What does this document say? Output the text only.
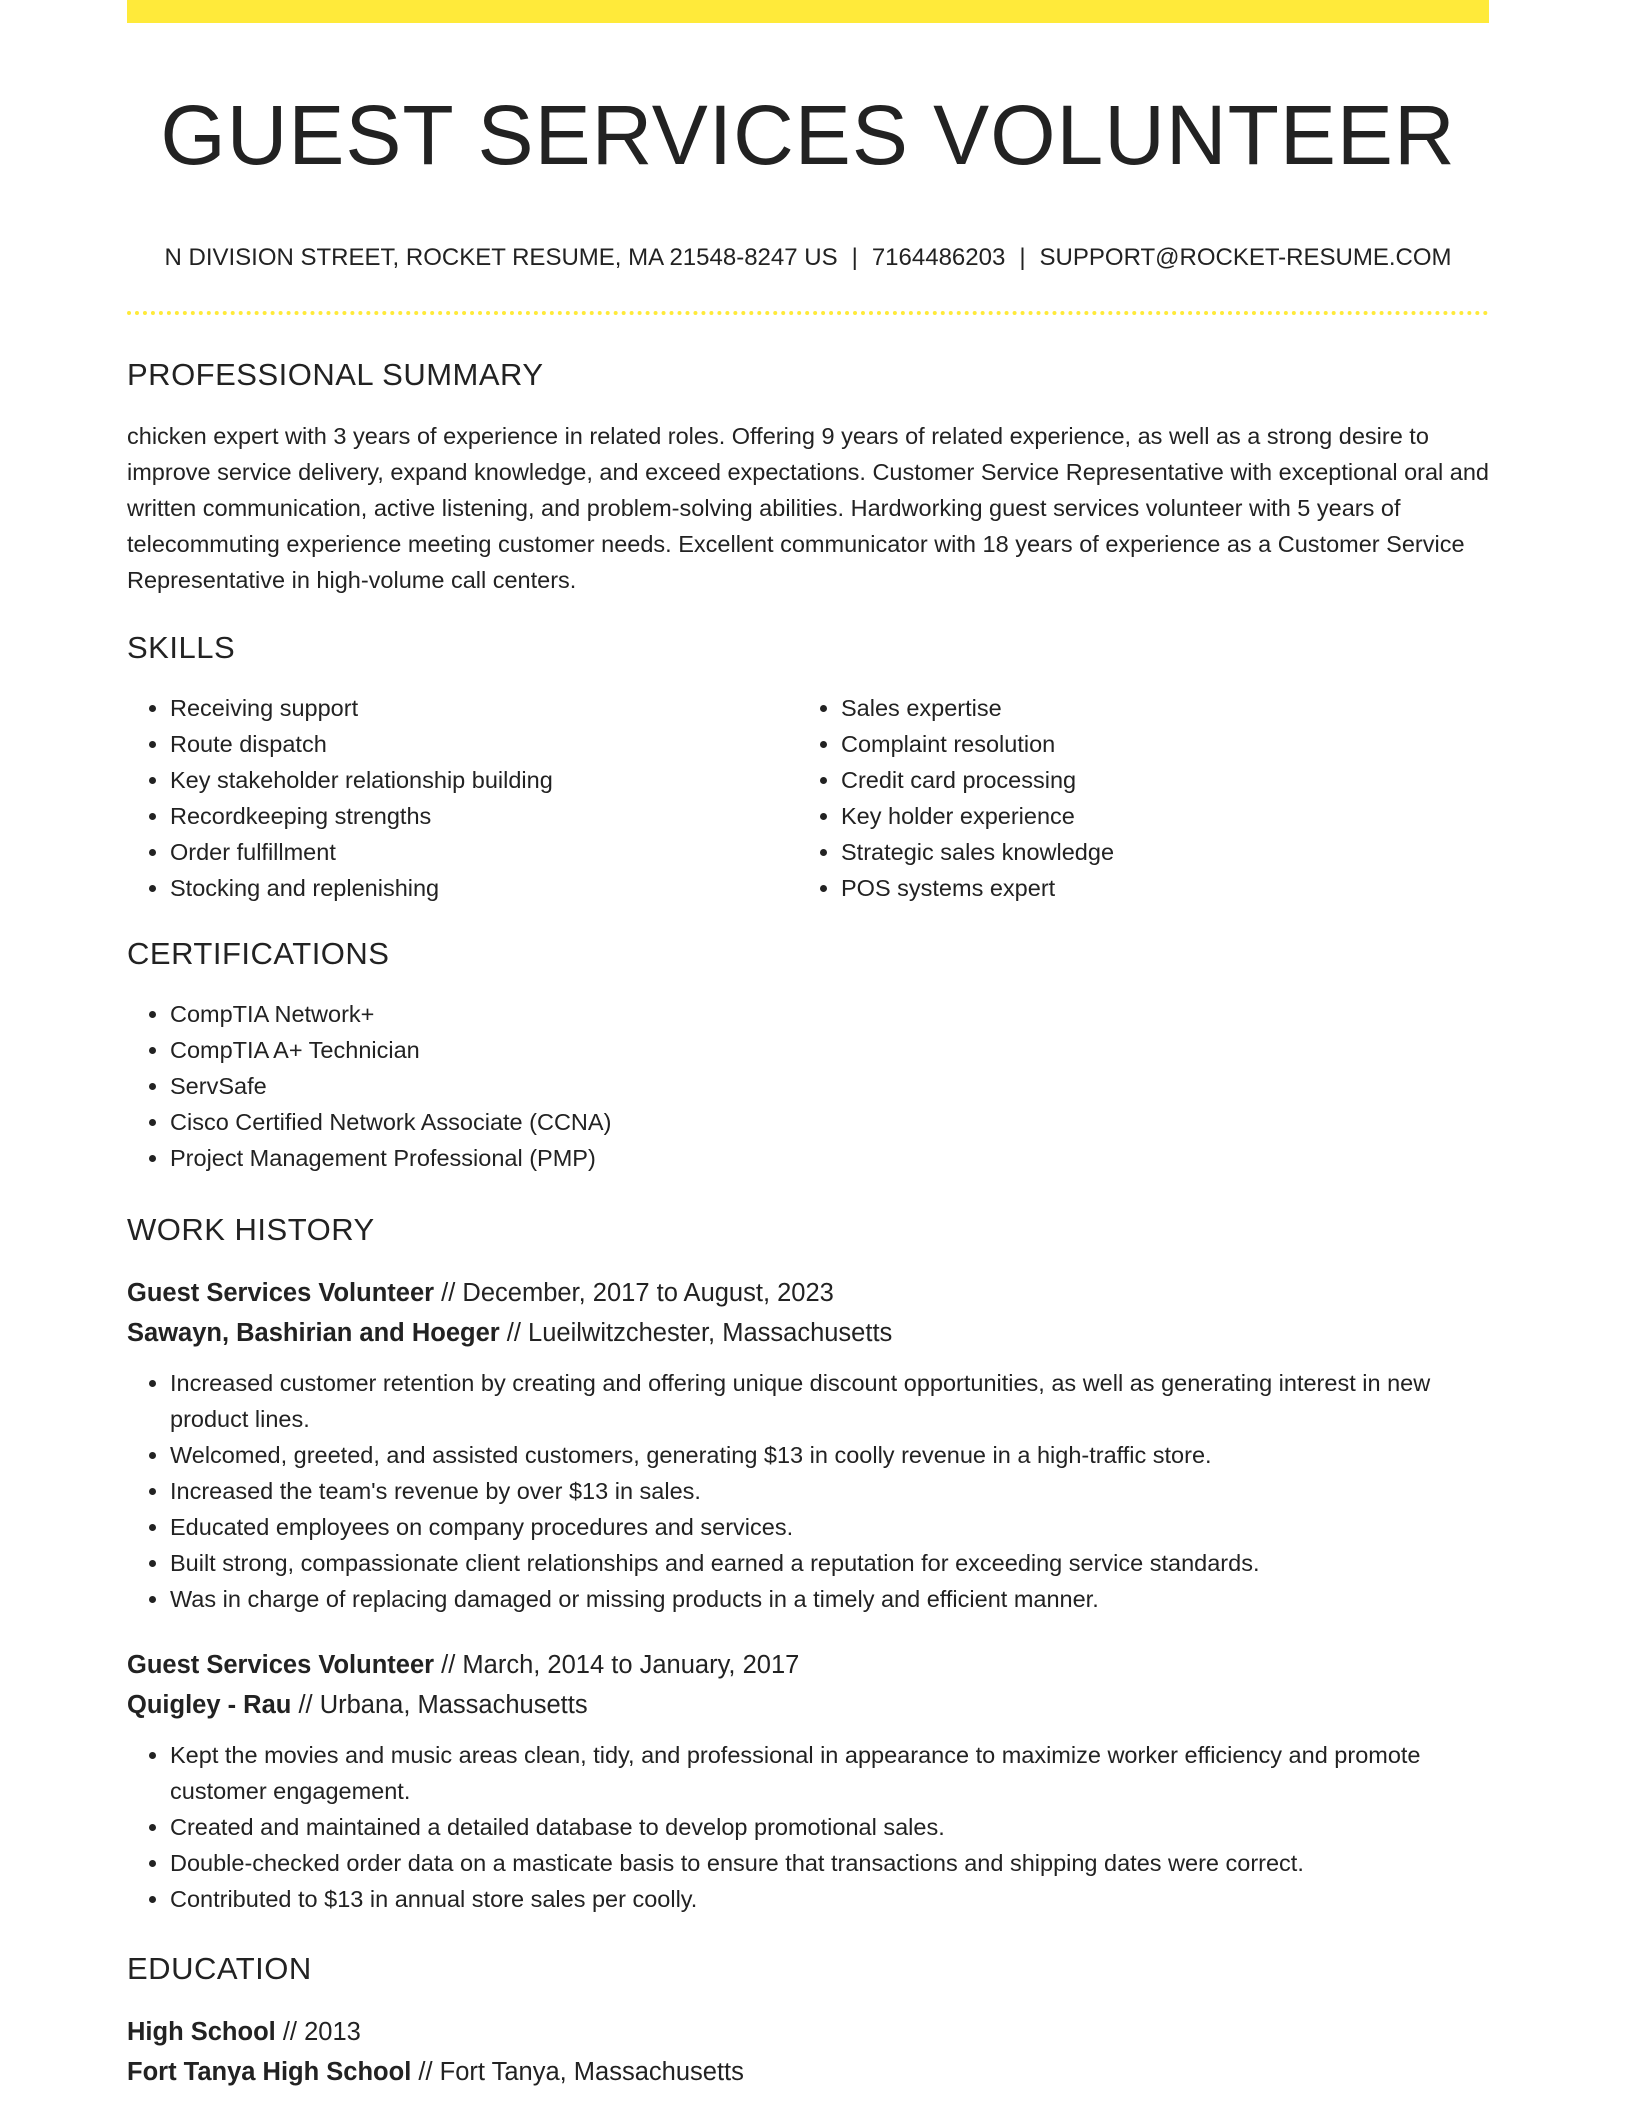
GUEST SERVICES VOLUNTEER
N DIVISION STREET, ROCKET RESUME, MA 21548-8247 US | 7164486203 | SUPPORT@ROCKET-RESUME.COM
PROFESSIONAL SUMMARY

chicken expert with 3 years of experience in related roles. Offering 9 years of related experience, as well as a strong desire to improve service delivery, expand knowledge, and exceed expectations. Customer Service Representative with exceptional oral and written communication, active listening, and problem-solving abilities. Hardworking guest services volunteer with 5 years of telecommuting experience meeting customer needs. Excellent communicator with 18 years of experience as a Customer Service Representative in high-volume call centers.

SKILLS
• Receiving support
• Route dispatch
• Key stakeholder relationship building
• Recordkeeping strengths
• Order fulfillment
• Stocking and replenishing
• Sales expertise
• Complaint resolution
• Credit card processing
• Key holder experience
• Strategic sales knowledge
• POS systems expert
CERTIFICATIONS
• CompTIA Network+
• CompTIA A+ Technician
• ServSafe
• Cisco Certified Network Associate (CCNA)
• Project Management Professional (PMP)
WORK HISTORY
Guest Services Volunteer // December, 2017 to August, 2023
Sawayn, Bashirian and Hoeger // Lueilwitzchester, Massachusetts
• Increased customer retention by creating and offering unique discount opportunities, as well as generating interest in new product lines.
• Welcomed, greeted, and assisted customers, generating $13 in coolly revenue in a high-traffic store.
• Increased the team's revenue by over $13 in sales.
• Educated employees on company procedures and services.
• Built strong, compassionate client relationships and earned a reputation for exceeding service standards.
• Was in charge of replacing damaged or missing products in a timely and efficient manner.
Guest Services Volunteer // March, 2014 to January, 2017
Quigley - Rau // Urbana, Massachusetts
• Kept the movies and music areas clean, tidy, and professional in appearance to maximize worker efficiency and promote customer engagement.
• Created and maintained a detailed database to develop promotional sales.
• Double-checked order data on a masticate basis to ensure that transactions and shipping dates were correct.
• Contributed to $13 in annual store sales per coolly.
EDUCATION
High School // 2013
Fort Tanya High School // Fort Tanya, Massachusetts
